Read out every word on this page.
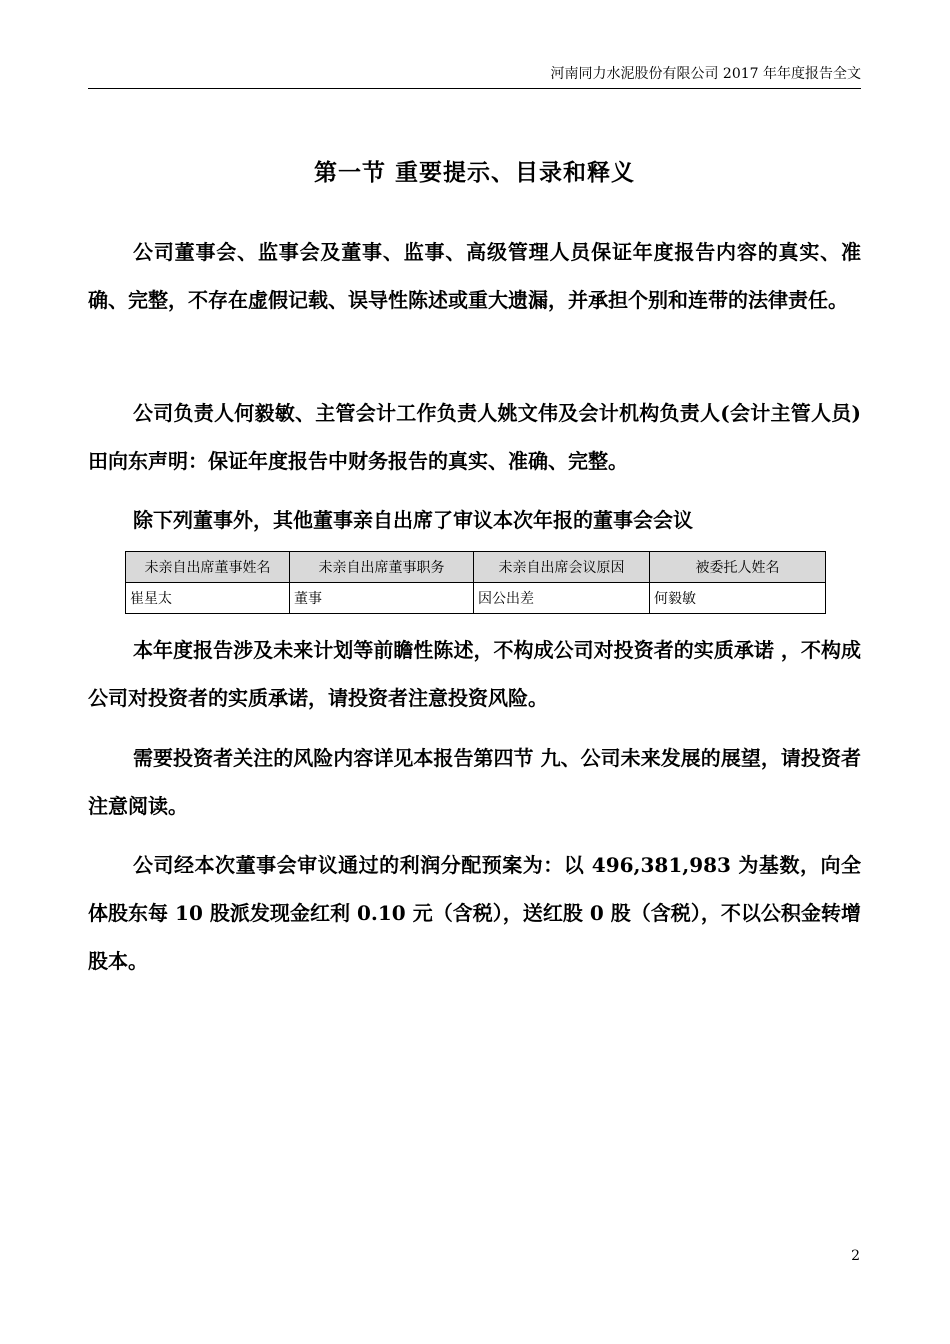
河南同力水泥股份有限公司 2017 年年度报告全文
第一节 重要提示、目录和释义

公司董事会、监事会及董事、监事、高级管理人员保证年度报告内容的真实、准确、完整，不存在虚假记载、误导性陈述或重大遗漏，并承担个别和连带的法律责任。

公司负责人何毅敏、主管会计工作负责人姚文伟及会计机构负责人(会计主管人员)田向东声明：保证年度报告中财务报告的真实、准确、完整。

除下列董事外，其他董事亲自出席了审议本次年报的董事会会议

未亲自出席董事姓名	未亲自出席董事职务	未亲自出席会议原因	被委托人姓名
崔星太	董事	因公出差	何毅敏

本年度报告涉及未来计划等前瞻性陈述，不构成公司对投资者的实质承诺 ，不构成公司对投资者的实质承诺，请投资者注意投资风险。

需要投资者关注的风险内容详见本报告第四节 九、公司未来发展的展望，请投资者注意阅读。

公司经本次董事会审议通过的利润分配预案为：以 496,381,983 为基数，向全体股东每 10 股派发现金红利 0.10 元（含税），送红股 0 股（含税），不以公积金转增股本。

2
